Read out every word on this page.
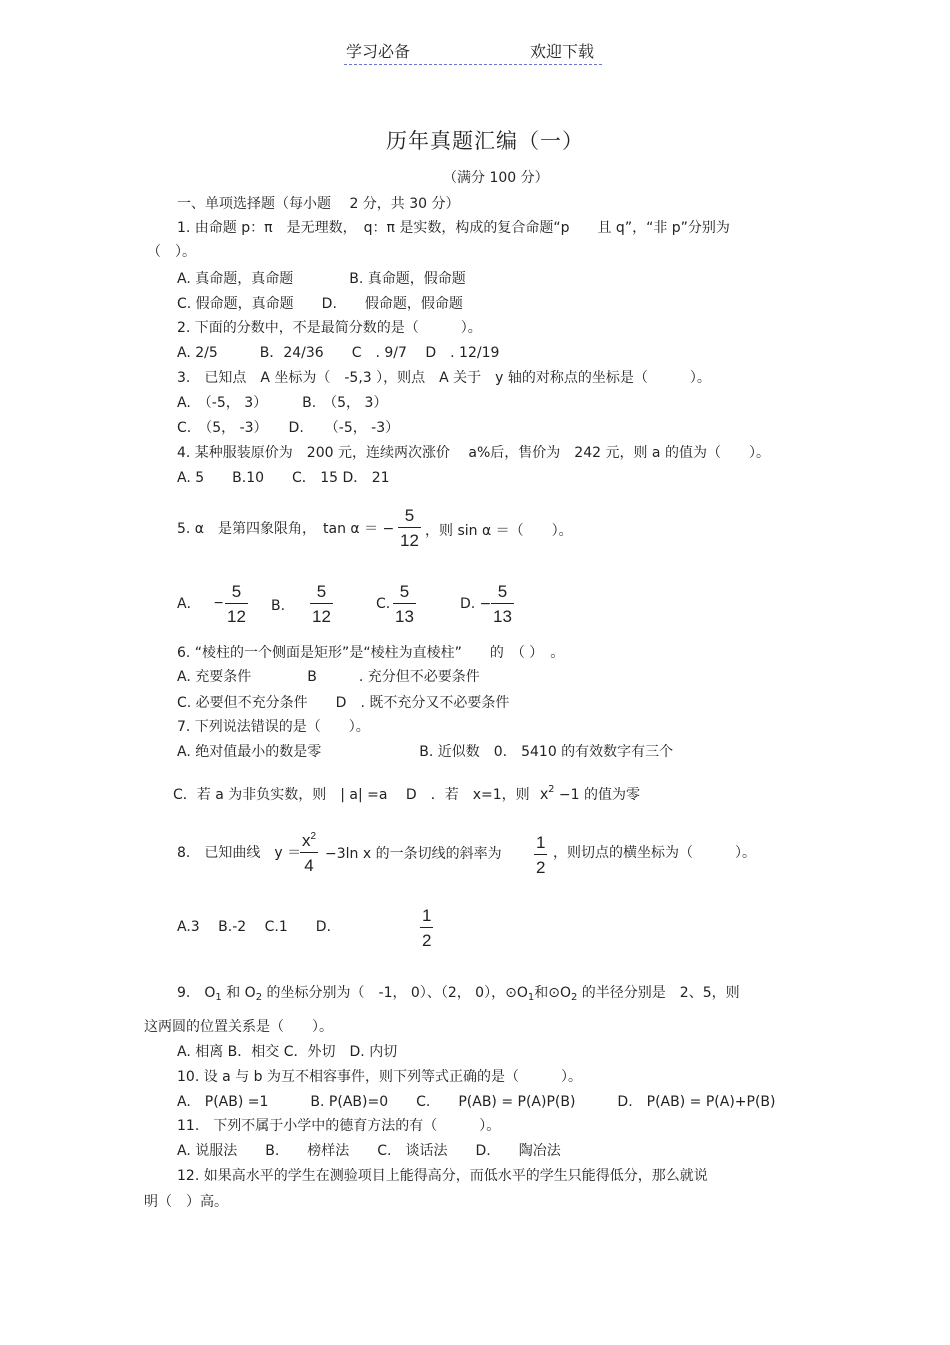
学习必备	欢迎下载
历年真题汇编（一）
（满分 100 分）
一、单项选择题（每小题　 2 分，共 30 分）
1. 由命题 p：π　是无理数，　q：π 是实数，构成的复合命题“p　　且 q”，“非 p”分别为
（　）。
A. 真命题，真命题　　　　B. 真命题，假命题
C. 假命题，真命题　　D.　　假命题，假命题
2. 下面的分数中，不是最简分数的是（　　　）。
A. 2/5　　　B．24/36　　C　. 9/7　 D　. 12/19
3.　已知点　A 坐标为（　-5,3 ），则点　A 关于　y 轴的对称点的坐标是（　　　）。
A.　（-5， 3）　　　B.　（5， 3）
C.　（5， -3）　　D.　　（-5， -3）
4. 某种服装原价为　200 元，连续两次涨价　 a%后，售价为　242 元，则 a 的值为（　　）。
A. 5　　B.10　　C． 15 D． 21
5. α　是第四象限角，　tan α ＝ −
5
12 ，则 sin α ＝（　　）。
A． −
5
12
B.
5
12
C.
5
13
D. −
5
13
6. “棱柱的一个侧面是矩形”是“棱柱为直棱柱”　　的　（ ）　。
A. 充要条件　　　　B　　　. 充分但不必要条件
C. 必要但不充分条件　　D　. 既不充分又不必要条件
7. 下列说法错误的是（　　）。
A. 绝对值最小的数是零　　　　　　　B. 近似数　0.　5410 的有效数字有三个
C．若 a 为非负实数，则　| a| =a　 D　．若　x=1，则 $x^2 -1$ 的值为零
8.　已知曲线　y ＝
$x^2$
4
−3ln x 的一条切线的斜率为
1
2
，则切点的横坐标为（　　　）。
A.3　 B.-2　 C.1　　D.
1
2
9.　$O_1$ 和 $O_2$ 的坐标分别为（　-1， 0）、（2， 0），$⊙O_1$和$⊙O_2$ 的半径分别是　2、5，则
这两圆的位置关系是（　　）。
A. 相离 B．相交 C．外切　D. 内切
10. 设 a 与 b 为互不相容事件，则下列等式正确的是（　　　）。
A.　P(AB) =1　　　B. P(AB)=0　　C.　　P(AB) = P(A)P(B)　　　D.　P(AB) = P(A)+P(B)
11.　下列不属于小学中的德育方法的有（　　　）。
A. 说服法　　B.　　榜样法　　C.　谈话法　　D.　　陶冶法
12. 如果高水平的学生在测验项目上能得高分，而低水平的学生只能得低分，那么就说
明（　）高。
